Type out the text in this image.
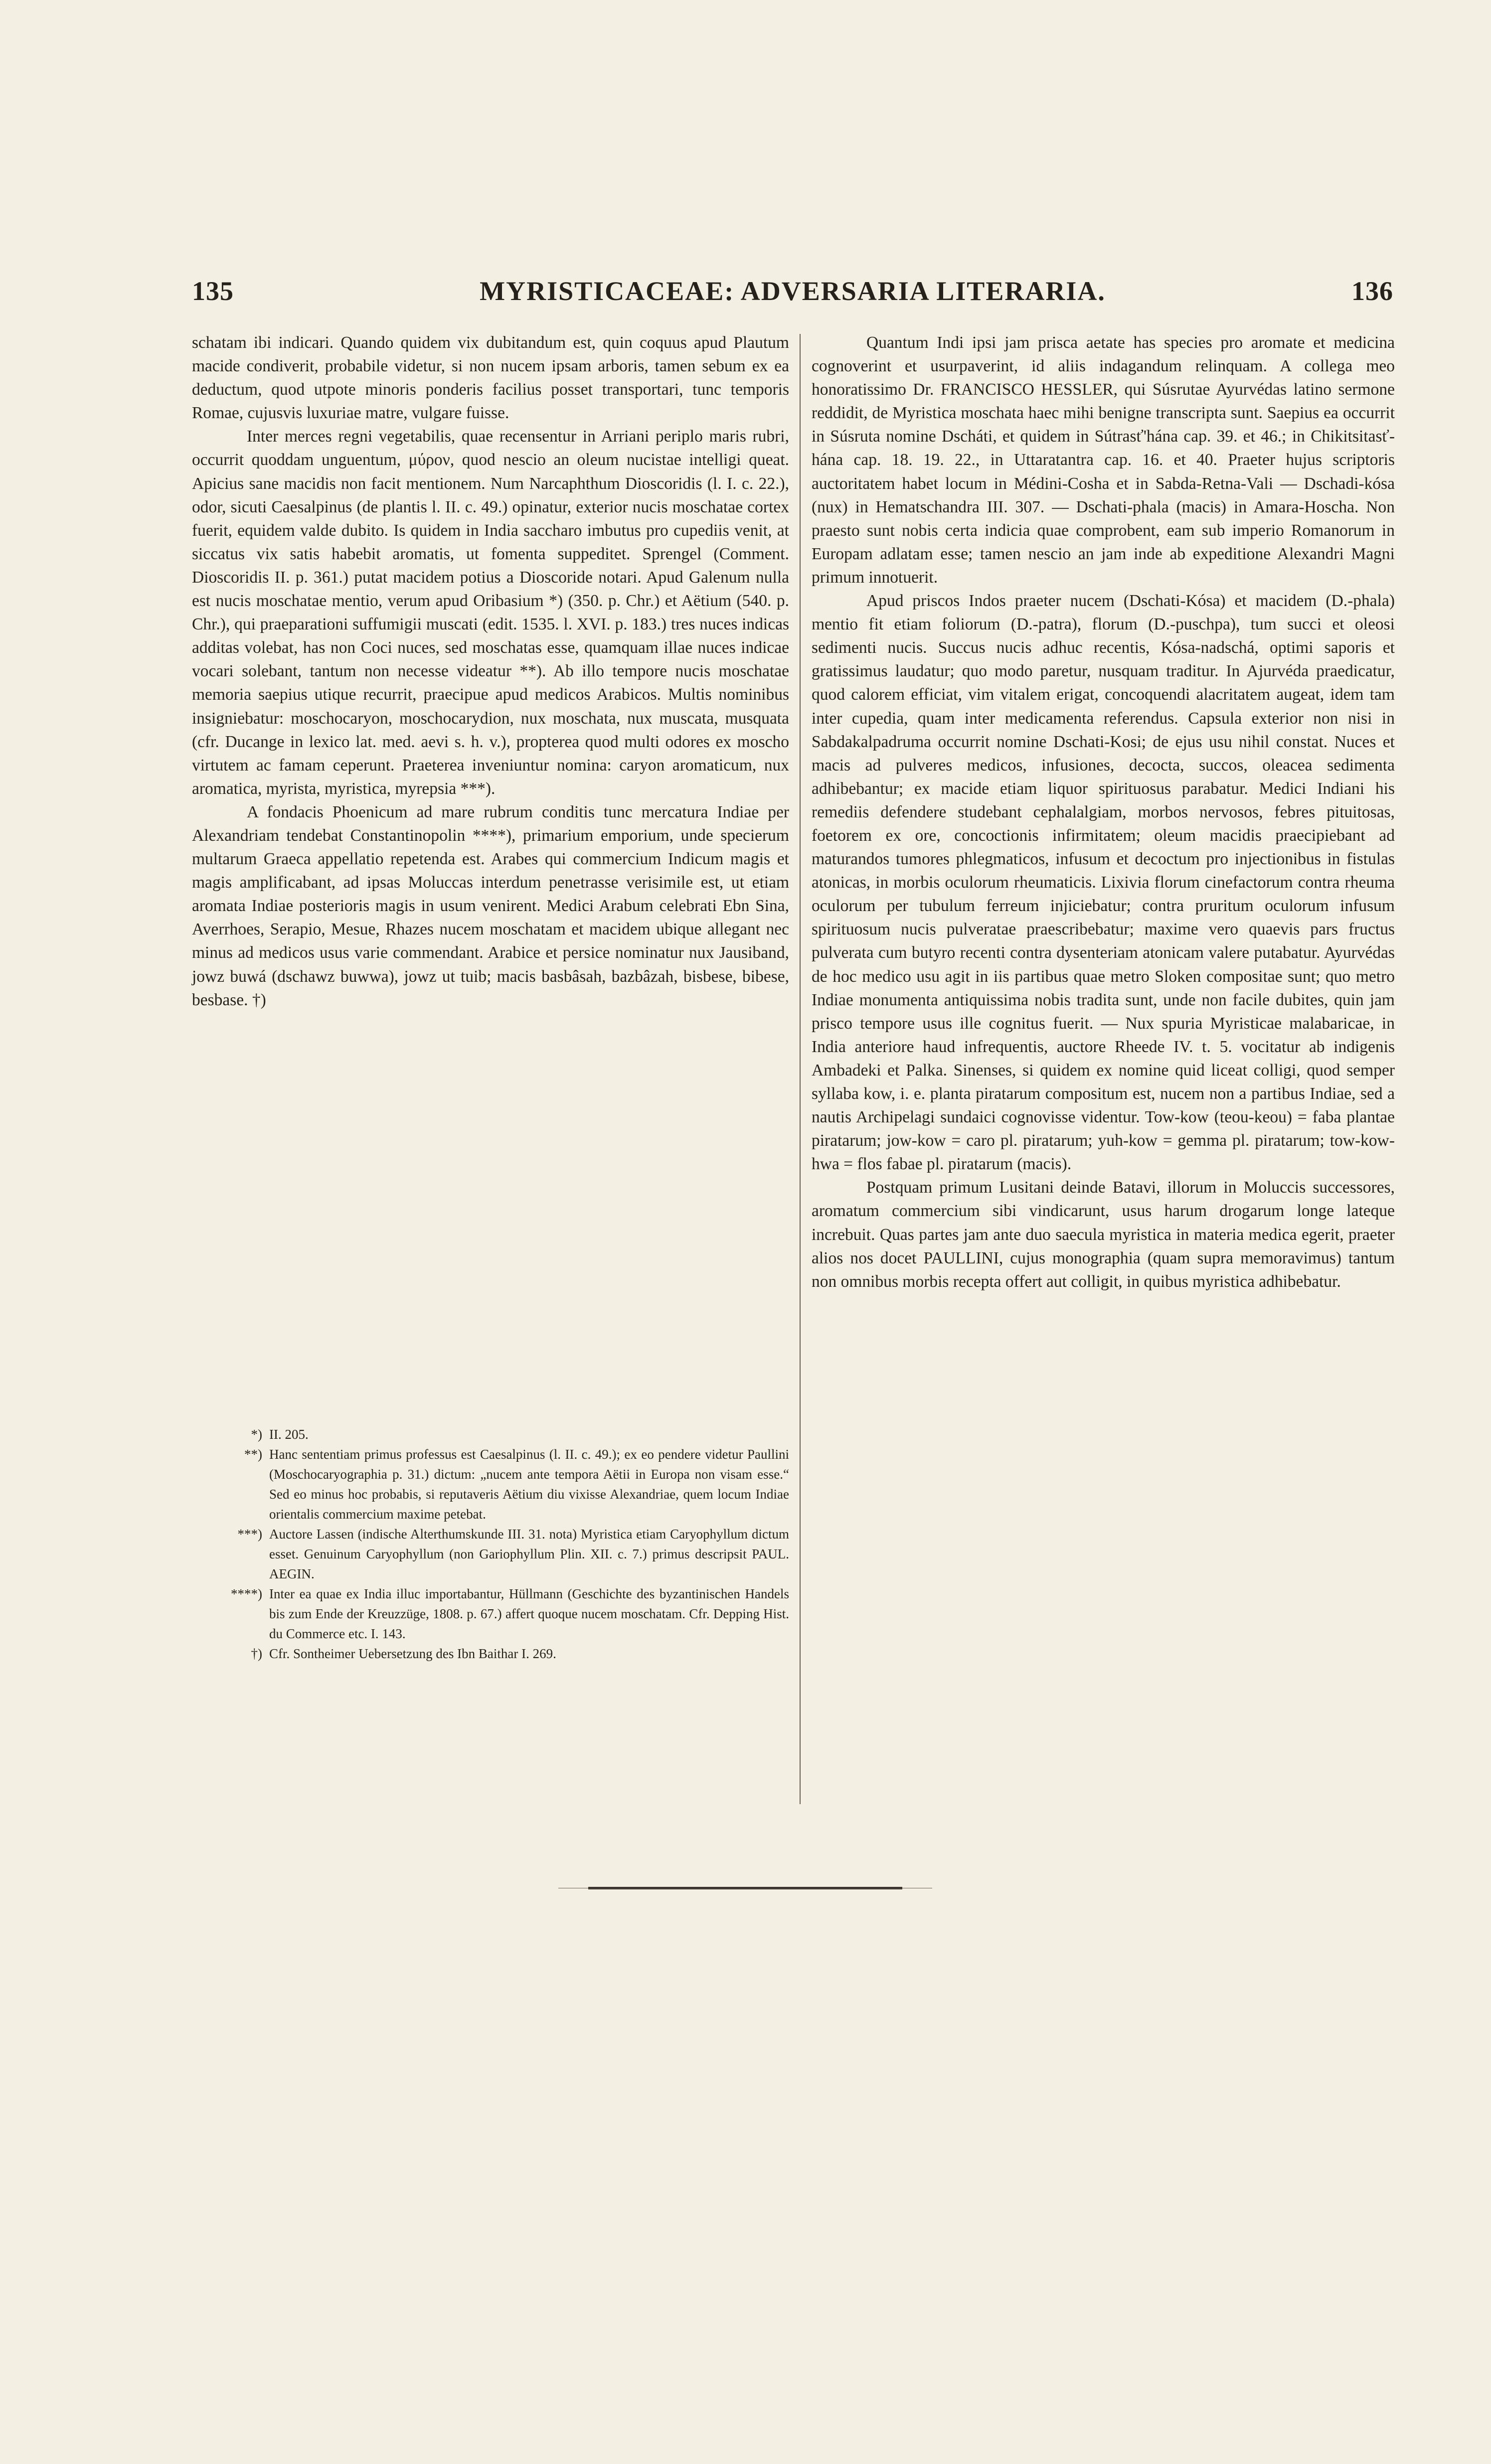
135	MYRISTICACEAE: ADVERSARIA LITERARIA.	136

schatam ibi indicari. Quando quidem vix dubitandum est, quin coquus apud Plautum macide condiverit, probabile videtur, si non nucem ipsam arboris, tamen sebum ex ea deductum, quod utpote minoris ponderis facilius posset transportari, tunc temporis Romae, cujusvis luxuriae matre, vulgare fuisse.

Inter merces regni vegetabilis, quae recensentur in Arriani periplo maris rubri, occurrit quoddam unguentum, μύρον, quod nescio an oleum nucistae intelligi queat. Apicius sane macidis non facit mentionem. Num Narcaphthum Dioscoridis (l. I. c. 22.), odor, sicuti Caesalpinus (de plantis l. II. c. 49.) opinatur, exterior nucis moschatae cortex fuerit, equidem valde dubito. Is quidem in India saccharo imbutus pro cupediis venit, at siccatus vix satis habebit aromatis, ut fomenta suppeditet. Sprengel (Comment. Dioscoridis II. p. 361.) putat macidem potius a Dioscoride notari. Apud Galenum nulla est nucis moschatae mentio, verum apud Oribasium *) (350. p. Chr.) et Aëtium (540. p. Chr.), qui praeparationi suffumigii muscati (edit. 1535. l. XVI. p. 183.) tres nuces indicas additas volebat, has non Coci nuces, sed moschatas esse, quamquam illae nuces indicae vocari solebant, tantum non necesse videatur **). Ab illo tempore nucis moschatae memoria saepius utique recurrit, praecipue apud medicos Arabicos. Multis nominibus insigniebatur: moschocaryon, moschocarydion, nux moschata, nux muscata, musquata (cfr. Ducange in lexico lat. med. aevi s. h. v.), propterea quod multi odores ex moscho virtutem ac famam ceperunt. Praeterea inveniuntur nomina: caryon aromaticum, nux aromatica, myrista, myristica, myrepsia ***).

A fondacis Phoenicum ad mare rubrum conditis tunc mercatura Indiae per Alexandriam tendebat Constantinopolin ****), primarium emporium, unde specierum multarum Graeca appellatio repetenda est. Arabes qui commercium Indicum magis et magis amplificabant, ad ipsas Moluccas interdum penetrasse verisimile est, ut etiam aromata Indiae posterioris magis in usum venirent. Medici Arabum celebrati Ebn Sina, Averrhoes, Serapio, Mesue, Rhazes nucem moschatam et macidem ubique allegant nec minus ad medicos usus varie commendant. Arabice et persice nominatur nux Jausiband, jowz buwá (dschawz buwwa), jowz ut tuib; macis basbâsah, bazbâzah, bisbese, bibese, besbase. †)

*) II. 205.
**) Hanc sententiam primus professus est Caesalpinus (l. II. c. 49.); ex eo pendere videtur Paullini (Moschocaryographia p. 31.) dictum: „nucem ante tempora Aëtii in Europa non visam esse.“ Sed eo minus hoc probabis, si reputaveris Aëtium diu vixisse Alexandriae, quem locum Indiae orientalis commercium maxime petebat.
***) Auctore Lassen (indische Alterthumskunde III. 31. nota) Myristica etiam Caryophyllum dictum esset. Genuinum Caryophyllum (non Gariophyllum Plin. XII. c. 7.) primus descripsit PAUL. AEGIN.
****) Inter ea quae ex India illuc importabantur, Hüllmann (Geschichte des byzantinischen Handels bis zum Ende der Kreuzzüge, 1808. p. 67.) affert quoque nucem moschatam. Cfr. Depping Hist. du Commerce etc. I. 143.
†) Cfr. Sontheimer Uebersetzung des Ibn Baithar I. 269.

Quantum Indi ipsi jam prisca aetate has species pro aromate et medicina cognoverint et usurpaverint, id aliis indagandum relinquam. A collega meo honoratissimo Dr. FRANCISCO HESSLER, qui Súsrutae Ayurvédas latino sermone reddidit, de Myristica moschata haec mihi benigne transcripta sunt. Saepius ea occurrit in Súsruta nomine Dscháti, et quidem in Sútrasť'hána cap. 39. et 46.; in Chikitsitasť-hána cap. 18. 19. 22., in Uttaratantra cap. 16. et 40. Praeter hujus scriptoris auctoritatem habet locum in Médini-Cosha et in Sabda-Retna-Vali — Dschadi-kósa (nux) in Hematschandra III. 307. — Dschati-phala (macis) in Amara-Hoscha. Non praesto sunt nobis certa indicia quae comprobent, eam sub imperio Romanorum in Europam adlatam esse; tamen nescio an jam inde ab expeditione Alexandri Magni primum innotuerit.

Apud priscos Indos praeter nucem (Dschati-Kósa) et macidem (D.-phala) mentio fit etiam foliorum (D.-patra), florum (D.-puschpa), tum succi et oleosi sedimenti nucis. Succus nucis adhuc recentis, Kósa-nadschá, optimi saporis et gratissimus laudatur; quo modo paretur, nusquam traditur. In Ajurvéda praedicatur, quod calorem efficiat, vim vitalem erigat, concoquendi alacritatem augeat, idem tam inter cupedia, quam inter medicamenta referendus. Capsula exterior non nisi in Sabdakalpadruma occurrit nomine Dschati-Kosi; de ejus usu nihil constat. Nuces et macis ad pulveres medicos, infusiones, decocta, succos, oleacea sedimenta adhibebantur; ex macide etiam liquor spirituosus parabatur. Medici Indiani his remediis defendere studebant cephalalgiam, morbos nervosos, febres pituitosas, foetorem ex ore, concoctionis infirmitatem; oleum macidis praecipiebant ad maturandos tumores phlegmaticos, infusum et decoctum pro injectionibus in fistulas atonicas, in morbis oculorum rheumaticis. Lixivia florum cinefactorum contra rheuma oculorum per tubulum ferreum injiciebatur; contra pruritum oculorum infusum spirituosum nucis pulveratae praescribebatur; maxime vero quaevis pars fructus pulverata cum butyro recenti contra dysenteriam atonicam valere putabatur. Ayurvédas de hoc medico usu agit in iis partibus quae metro Sloken compositae sunt; quo metro Indiae monumenta antiquissima nobis tradita sunt, unde non facile dubites, quin jam prisco tempore usus ille cognitus fuerit. — Nux spuria Myristicae malabaricae, in India anteriore haud infrequentis, auctore Rheede IV. t. 5. vocitatur ab indigenis Ambadeki et Palka. Sinenses, si quidem ex nomine quid liceat colligi, quod semper syllaba kow, i. e. planta piratarum compositum est, nucem non a partibus Indiae, sed a nautis Archipelagi sundaici cognovisse videntur. Tow-kow (teou-keou) = faba plantae piratarum; jow-kow = caro pl. piratarum; yuh-kow = gemma pl. piratarum; tow-kow-hwa = flos fabae pl. piratarum (macis).

Postquam primum Lusitani deinde Batavi, illorum in Moluccis successores, aromatum commercium sibi vindicarunt, usus harum drogarum longe lateque increbuit. Quas partes jam ante duo saecula myristica in materia medica egerit, praeter alios nos docet PAULLINI, cujus monographia (quam supra memoravimus) tantum non omnibus morbis recepta offert aut colligit, in quibus myristica adhibebatur.
